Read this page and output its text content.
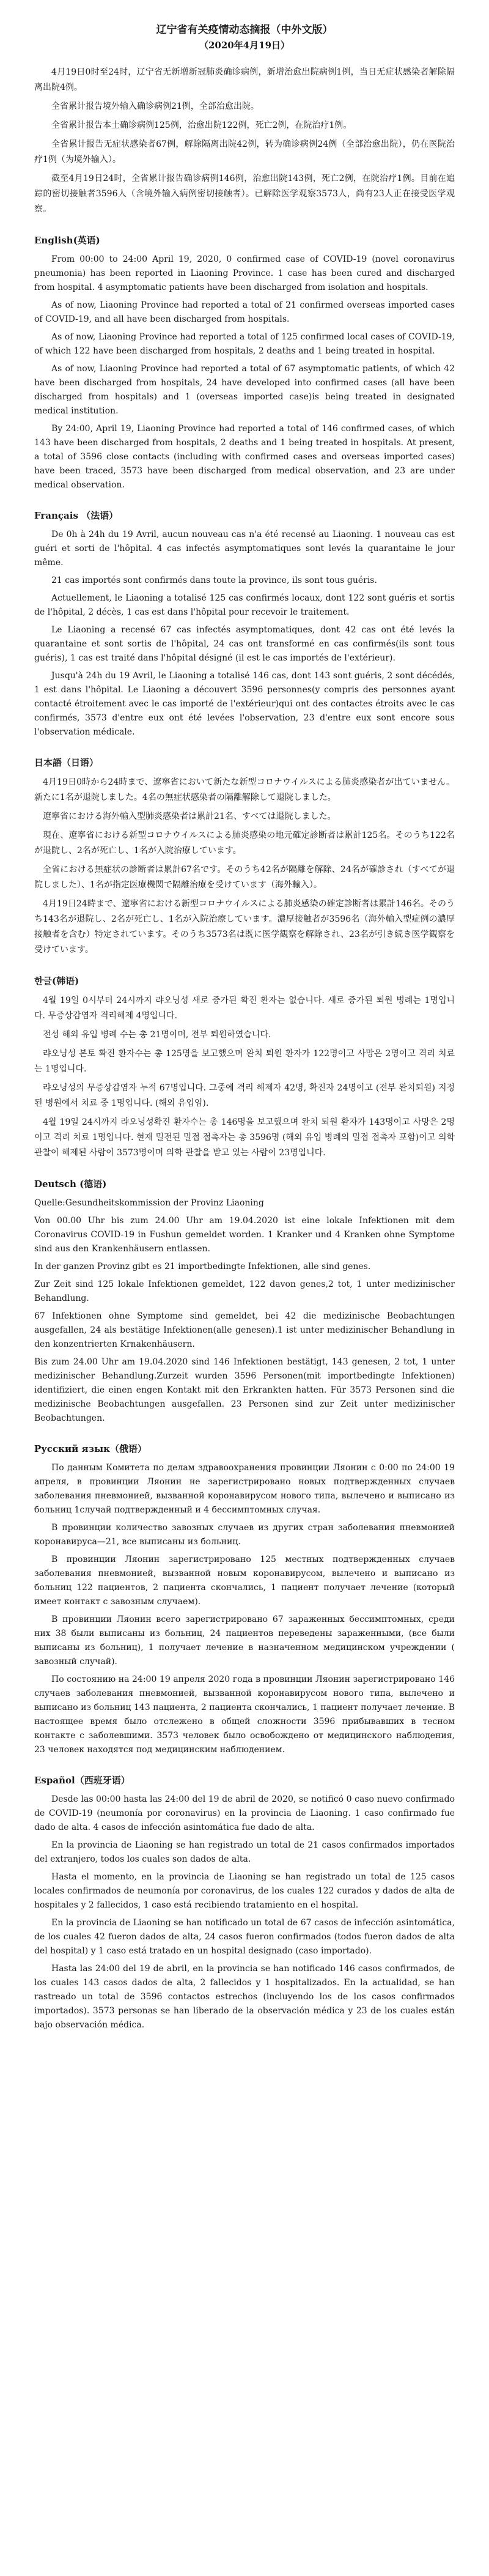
辽宁省有关疫情动态摘报（中外文版）
（2020年4月19日）

4月19日0时至24时，辽宁省无新增新冠肺炎确诊病例，新增治愈出院病例1例，当日无症状感染者解除隔离出院4例。

全省累计报告境外输入确诊病例21例，全部治愈出院。

全省累计报告本土确诊病例125例，治愈出院122例，死亡2例，在院治疗1例。

全省累计报告无症状感染者67例，解除隔离出院42例，转为确诊病例24例（全部治愈出院），仍在医院治疗1例（为境外输入）。

截至4月19日24时，全省累计报告确诊病例146例，治愈出院143例，死亡2例，在院治疗1例。目前在追踪的密切接触者3596人（含境外输入病例密切接触者）。已解除医学观察3573人，尚有23人正在接受医学观察。

English(英语)

From 00:00 to 24:00 April 19, 2020, 0 confirmed case of COVID-19 (novel coronavirus pneumonia) has been reported in Liaoning Province. 1 case has been cured and discharged from hospital. 4 asymptomatic patients have been discharged from isolation and hospitals.

As of now, Liaoning Province had reported a total of 21 confirmed overseas imported cases of COVID-19, and all have been discharged from hospitals.

As of now, Liaoning Province had reported a total of 125 confirmed local cases of COVID-19, of which 122 have been discharged from hospitals, 2 deaths and 1 being treated in hospital.

As of now, Liaoning Province had reported a total of 67 asymptomatic patients, of which 42 have been discharged from hospitals, 24 have developed into confirmed cases (all have been discharged from hospitals) and 1 (overseas imported case)is being treated in designated medical institution.

By 24:00, April 19, Liaoning Province had reported a total of 146 confirmed cases, of which 143 have been discharged from hospitals, 2 deaths and 1 being treated in hospitals. At present, a total of 3596 close contacts (including with confirmed cases and overseas imported cases) have been traced, 3573 have been discharged from medical observation, and 23 are under medical observation.

Français （法语）

De 0h à 24h du 19 Avril, aucun nouveau cas n'a été recensé au Liaoning. 1 nouveau cas est guéri et sorti de l'hôpital. 4 cas infectés asymptomatiques sont levés la quarantaine le jour même.

21 cas importés sont confirmés dans toute la province, ils sont tous guéris.

Actuellement, le Liaoning a totalisé 125 cas confirmés locaux, dont 122 sont guéris et sortis de l'hôpital, 2 décès, 1 cas est dans l'hôpital pour recevoir le traitement.

Le Liaoning a recensé 67 cas infectés asymptomatiques, dont 42 cas ont été levés la quarantaine et sont sortis de l'hôpital, 24 cas ont transformé en cas confirmés(ils sont tous guéris), 1 cas est traité dans l'hôpital désigné (il est le cas importés de l'extérieur).

Jusqu'à 24h du 19 Avril, le Liaoning a totalisé 146 cas, dont 143 sont guéris, 2 sont décédés, 1 est dans l'hôpital. Le Liaoning a découvert 3596 personnes(y compris des personnes ayant contacté étroitement avec le cas importé de l'extérieur)qui ont des contactes étroits avec le cas confirmés, 3573 d'entre eux ont été levées l'observation, 23 d'entre eux sont encore sous l'observation médicale.

日本語（日语）

4月19日0時から24時まで、遼寧省において新たな新型コロナウイルスによる肺炎感染者が出ていません。新たに1名が退院しました。4名の無症状感染者の隔離解除して退院しました。

遼寧省における海外輸入型肺炎感染者は累計21名、すべては退院しました。

現在、遼寧省における新型コロナウイルスによる肺炎感染の地元確定診断者は累計125名。そのうち122名が退院し、2名が死亡し、1名が入院治療しています。

全省における無症状の診断者は累計67名です。そのうち42名が隔離を解除、24名が確診され（すべてが退院しました）、1名が指定医療機関で隔離治療を受けています（海外輸入）。

4月19日24時まで、遼寧省における新型コロナウイルスによる肺炎感染の確定診断者は累計146名。そのうち143名が退院し、2名が死亡し、1名が入院治療しています。濃厚接触者が3596名（海外輸入型症例の濃厚接触者を含む）特定されています。そのうち3573名は既に医学観察を解除され、23名が引き続き医学観察を受けています。

한글(韩语)

4월 19일 0시부터 24시까지 랴오닝성 새로 증가된 확진 환자는 없습니다. 새로 증가된 퇴원 병례는 1명입니다. 무증상감염자 격리해제 4명입니다.

전성 해외 유입 병례 수는 총 21명이며, 전부 퇴원하였습니다.

랴오닝성 본토 확진 환자수는 총 125명을 보고했으며 완치 퇴원 환자가 122명이고 사망은 2명이고 격리 치료는 1명입니다.

랴오닝성의 무증상감염자 누적 67명입니다. 그중에 격리 해제자 42명, 확진자 24명이고 (전부 완치퇴원) 지정된 병원에서 치료 중 1명입니다. (해외 유입임).

4월 19일 24시까지 랴오닝성확진 환자수는 총 146명을 보고했으며 완치 퇴원 환자가 143명이고 사망은 2명이고 격리 치료 1명입니다. 현재 밀전된 밀접 접촉자는 총 3596명 (해외 유입 병례의 밀접 접촉자 포함)이고 의학 관찰이 해제된 사람이 3573명이며 의학 관찰을 받고 있는 사람이 23명입니다.

Deutsch (德语)

Quelle:Gesundheitskommission der Provinz Liaoning

Von 00.00 Uhr bis zum 24.00 Uhr am 19.04.2020 ist eine lokale Infektionen mit dem Coronavirus COVID-19 in Fushun gemeldet worden. 1 Kranker und 4 Kranken ohne Symptome sind aus den Krankenhäusern entlassen.

In der ganzen Provinz gibt es 21 importbedingte Infektionen, alle sind genes.

Zur Zeit sind 125 lokale Infektionen gemeldet, 122 davon genes,2 tot, 1 unter medizinischer Behandlung.

67 Infektionen ohne Symptome sind gemeldet, bei 42 die medizinische Beobachtungen ausgefallen, 24 als bestätige Infektionen(alle genesen).1 ist unter medizinischer Behandlung in den konzentrierten Krnakenhäusern.

Bis zum 24.00 Uhr am 19.04.2020 sind 146 Infektionen bestätigt, 143 genesen, 2 tot, 1 unter medizinischer Behandlung.Zurzeit wurden 3596 Personen(mit importbedingte Infektionen) identifiziert, die einen engen Kontakt mit den Erkrankten hatten. Für 3573 Personen sind die medizinische Beobachtungen ausgefallen. 23 Personen sind zur Zeit unter medizinischer Beobachtungen.

Русский язык（俄语）

По данным Комитета по делам здравоохранения провинции Ляонин с 0:00 по 24:00 19 апреля, в провинции Ляонин не зарегистрировано новых подтвержденных случаев заболевания пневмонией, вызванной коронавирусом нового типа, вылечено и выписано из больниц 1случай подтвержденный и 4 бессимптомных случая.

В провинции количество завозных случаев из других стран заболевания пневмонией коронавируса—21, все выписаны из больниц.

В провинции Ляонин зарегистрировано 125 местных подтвержденных случаев заболевания пневмонией, вызванной новым коронавирусом, вылечено и выписано из больниц 122 пациентов, 2 пациента скончались, 1 пациент получает лечение (который имеет контакт с завозным случаем).

В провинции Ляонин всего зарегистрировано 67 зараженных бессимптомных, среди них 38 были выписаны из больниц, 24 пациентов переведены зараженными, (все были выписаны из больниц), 1 получает лечение в назначенном медицинском учреждении ( завозный случай).

По состоянию на 24:00 19 апреля 2020 года в провинции Ляонин зарегистрировано 146 случаев заболевания пневмонией, вызванной коронавирусом нового типа, вылечено и выписано из больниц 143 пациента, 2 пациента скончались, 1 пациент получает лечение. В настоящее время было отслежено в общей сложности 3596 прибывавших в тесном контакте с заболевшими. 3573 человек было освобождено от медицинского наблюдения, 23 человек находятся под медицинским наблюдением.

Español（西班牙语）

Desde las 00:00 hasta las 24:00 del 19 de abril de 2020, se notificó 0 caso nuevo confirmado de COVID-19 (neumonía por coronavirus) en la provincia de Liaoning. 1 caso confirmado fue dado de alta. 4 casos de infección asintomática fue dado de alta.

En la provincia de Liaoning se han registrado un total de 21 casos confirmados importados del extranjero, todos los cuales son dados de alta.

Hasta el momento, en la provincia de Liaoning se han registrado un total de 125 casos locales confirmados de neumonía por coronavirus, de los cuales 122 curados y dados de alta de hospitales y 2 fallecidos, 1 caso está recibiendo tratamiento en el hospital.

En la provincia de Liaoning se han notificado un total de 67 casos de infección asintomática, de los cuales 42 fueron dados de alta, 24 casos fueron confirmados (todos fueron dados de alta del hospital) y 1 caso está tratado en un hospital designado (caso importado).

Hasta las 24:00 del 19 de abril, en la provincia se han notificado 146 casos confirmados, de los cuales 143 casos dados de alta, 2 fallecidos y 1 hospitalizados. En la actualidad, se han rastreado un total de 3596 contactos estrechos (incluyendo los de los casos confirmados importados). 3573 personas se han liberado de la observación médica y 23 de los cuales están bajo observación médica.
